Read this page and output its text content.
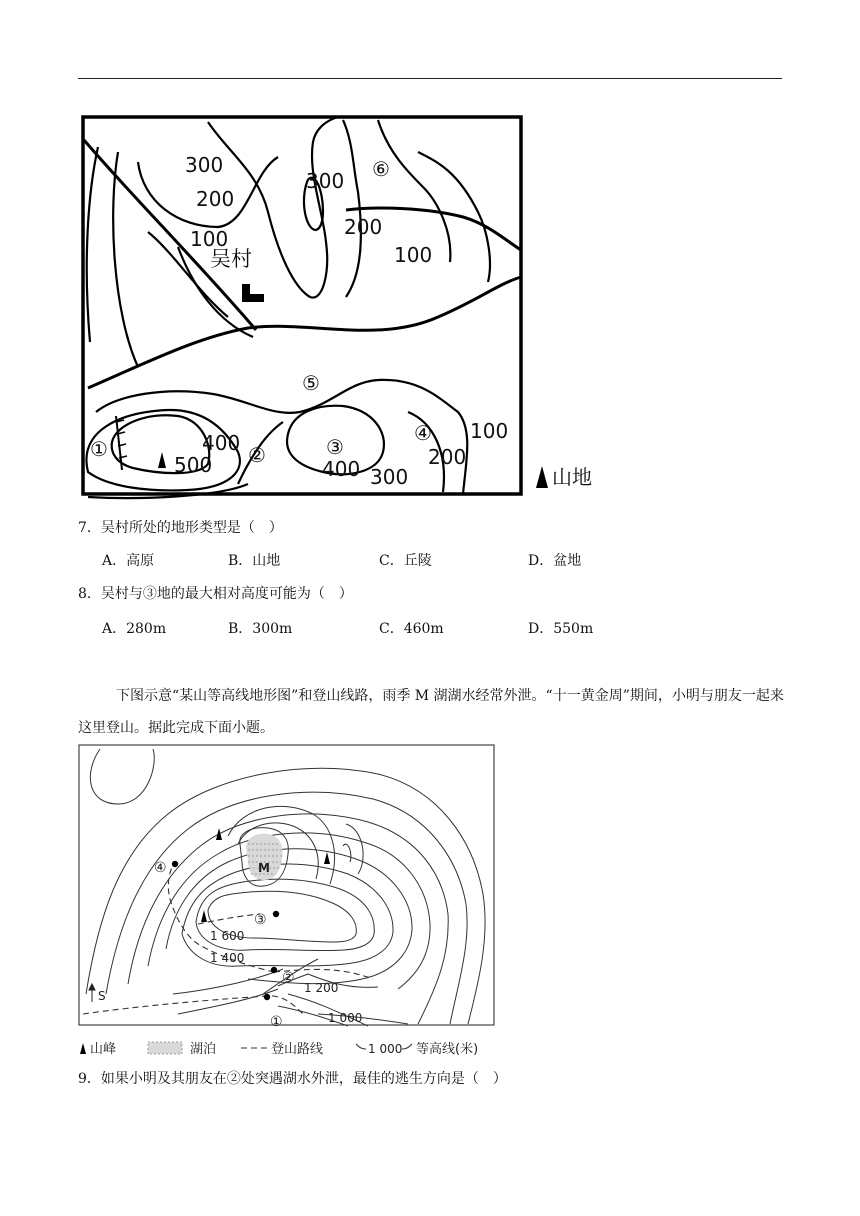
300
200
100
300
200
100
400
500	400 300
200
100
①	②	③
④
⑤
⑥
吴村
山地
7．吴村所处的地形类型是（　）
A．高原	B．山地	C．丘陵	D．盆地
8．吴村与③地的最大相对高度可能为（　）
A．280m	B．300m	C．460m	D．550m
下图示意“某山等高线地形图”和登山线路，雨季 M 湖湖水经常外泄。“十一黄金周”期间，小明与朋友一起来这里登山。据此完成下面小题。
1 600
1 400
1 200
1 000
①
②
③
④	M
S
山峰	湖泊	登山路线	1 000 等高线(米)
9．如果小明及其朋友在②处突遇湖水外泄，最佳的逃生方向是（　）
